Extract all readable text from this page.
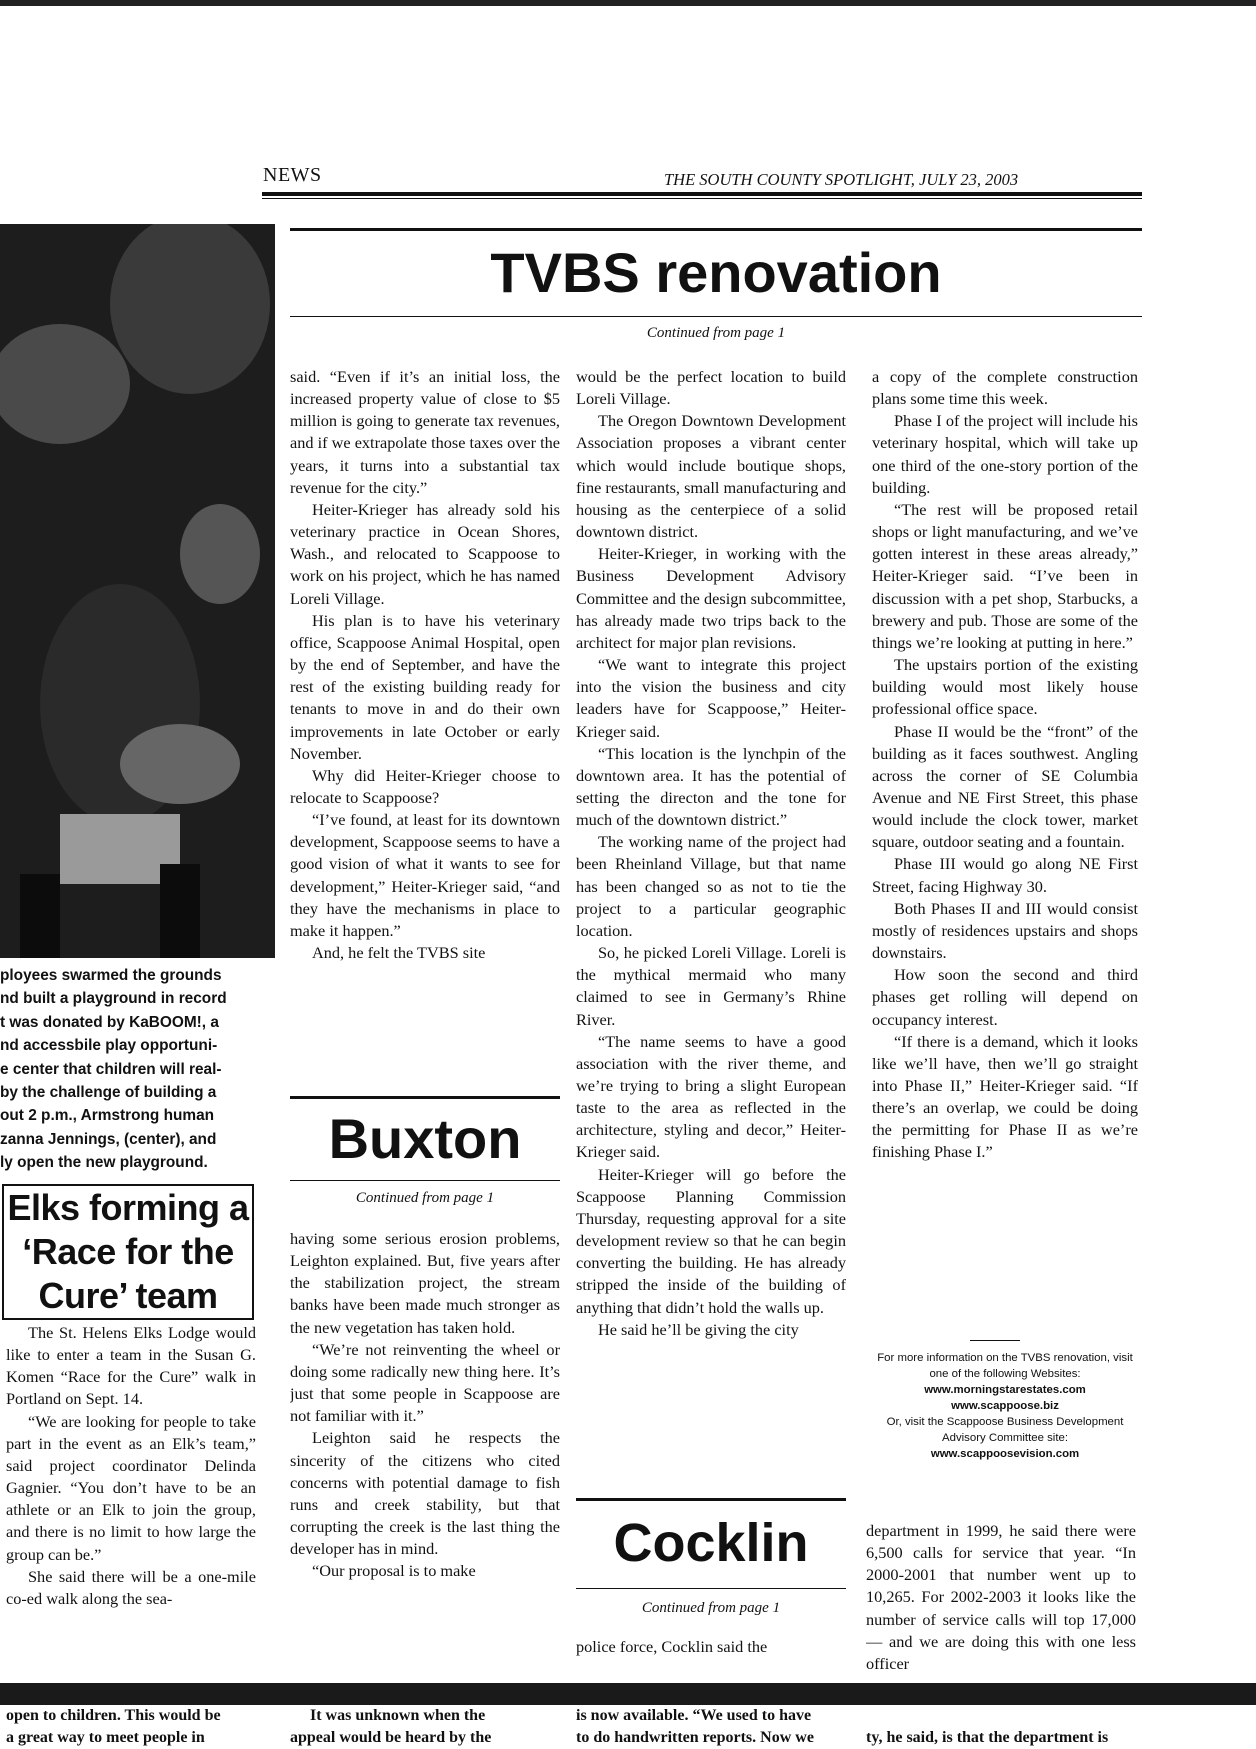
NEWS	THE SOUTH COUNTY SPOTLIGHT, JULY 23, 2003
ployees swarmed the grounds
nd built a playground in record
t was donated by KaBOOM!, a
nd accessbile play opportuni-
e center that children will real-
by the challenge of building a
out 2 p.m., Armstrong human
zanna Jennings, (center), and
ly open the new playground.
Elks forming a
‘Race for the
Cure’ team

The St. Helens Elks Lodge would like to enter a team in the Susan G. Komen “Race for the Cure” walk in Portland on Sept. 14.

“We are looking for people to take part in the event as an Elk’s team,” said project coordinator Delinda Gagnier. “You don’t have to be an athlete or an Elk to join the group, and there is no limit to how large the group can be.”

She said there will be a one-mile co-ed walk along the sea-

TVBS renovation
Continued from page 1

said. “Even if it’s an initial loss, the increased property value of close to $5 million is going to generate tax revenues, and if we extrapolate those taxes over the years, it turns into a substantial tax revenue for the city.”

Heiter-Krieger has already sold his veterinary practice in Ocean Shores, Wash., and relocated to Scappoose to work on his project, which he has named Loreli Village.

His plan is to have his veterinary office, Scappoose Animal Hospital, open by the end of September, and have the rest of the existing building ready for tenants to move in and do their own improvements in late October or early November.

Why did Heiter-Krieger choose to relocate to Scappoose?

“I’ve found, at least for its downtown development, Scappoose seems to have a good vision of what it wants to see for development,” Heiter-Krieger said, “and they have the mechanisms in place to make it happen.”

And, he felt the TVBS site

would be the perfect location to build Loreli Village.

The Oregon Downtown Development Association proposes a vibrant center which would include boutique shops, fine restaurants, small manufacturing and housing as the centerpiece of a solid downtown district.

Heiter-Krieger, in working with the Business Development Advisory Committee and the design subcommittee, has already made two trips back to the architect for major plan revisions.

“We want to integrate this project into the vision the business and city leaders have for Scappoose,” Heiter-Krieger said.

“This location is the lynchpin of the downtown area. It has the potential of setting the directon and the tone for much of the downtown district.”

The working name of the project had been Rheinland Village, but that name has been changed so as not to tie the project to a particular geographic location.

So, he picked Loreli Village. Loreli is the mythical mermaid who many claimed to see in Germany’s Rhine River.

“The name seems to have a good association with the river theme, and we’re trying to bring a slight European taste to the area as reflected in the architecture, styling and decor,” Heiter-Krieger said.

Heiter-Krieger will go before the Scappoose Planning Commission Thursday, requesting approval for a site development review so that he can begin converting the building. He has already stripped the inside of the building of anything that didn’t hold the walls up.

He said he’ll be giving the city

a copy of the complete construction plans some time this week.

Phase I of the project will include his veterinary hospital, which will take up one third of the one-story portion of the building.

“The rest will be proposed retail shops or light manufacturing, and we’ve gotten interest in these areas already,” Heiter-Krieger said. “I’ve been in discussion with a pet shop, Starbucks, a brewery and pub. Those are some of the things we’re looking at putting in here.”

The upstairs portion of the existing building would most likely house professional office space.

Phase II would be the “front” of the building as it faces southwest. Angling across the corner of SE Columbia Avenue and NE First Street, this phase would include the clock tower, market square, outdoor seating and a fountain.

Phase III would go along NE First Street, facing Highway 30.

Both Phases II and III would consist mostly of residences upstairs and shops downstairs.

How soon the second and third phases get rolling will depend on occupancy interest.

“If there is a demand, which it looks like we’ll have, then we’ll go straight into Phase II,” Heiter-Krieger said. “If there’s an overlap, we could be doing the permitting for Phase II as we’re finishing Phase I.”

For more information on the TVBS renovation, visit one of the following Websites:
www.morningstarestates.com
www.scappoose.biz
Or, visit the Scappoose Business Development Advisory Committee site:
www.scappoosevision.com
Buxton
Continued from page 1

having some serious erosion problems, Leighton explained. But, five years after the stabilization project, the stream banks have been made much stronger as the new vegetation has taken hold.

“We’re not reinventing the wheel or doing some radically new thing here. It’s just that some people in Scappoose are not familiar with it.”

Leighton said he respects the sincerity of the citizens who cited concerns with potential damage to fish runs and creek stability, but that corrupting the creek is the last thing the developer has in mind.

“Our proposal is to make	Cocklin
Continued from page 1

police force, Cocklin said the

department in 1999, he said there were 6,500 calls for service that year. “In 2000-2001 that number went up to 10,265. For 2002-2003 it looks like the number of service calls will top 17,000 — and we are doing this with one less officer

open to children. This would be
a great way to meet people in
It was unknown when the
appeal would be heard by the
is now available. “We used to have
to do handwritten reports. Now we	ty, he said, is that the department is
